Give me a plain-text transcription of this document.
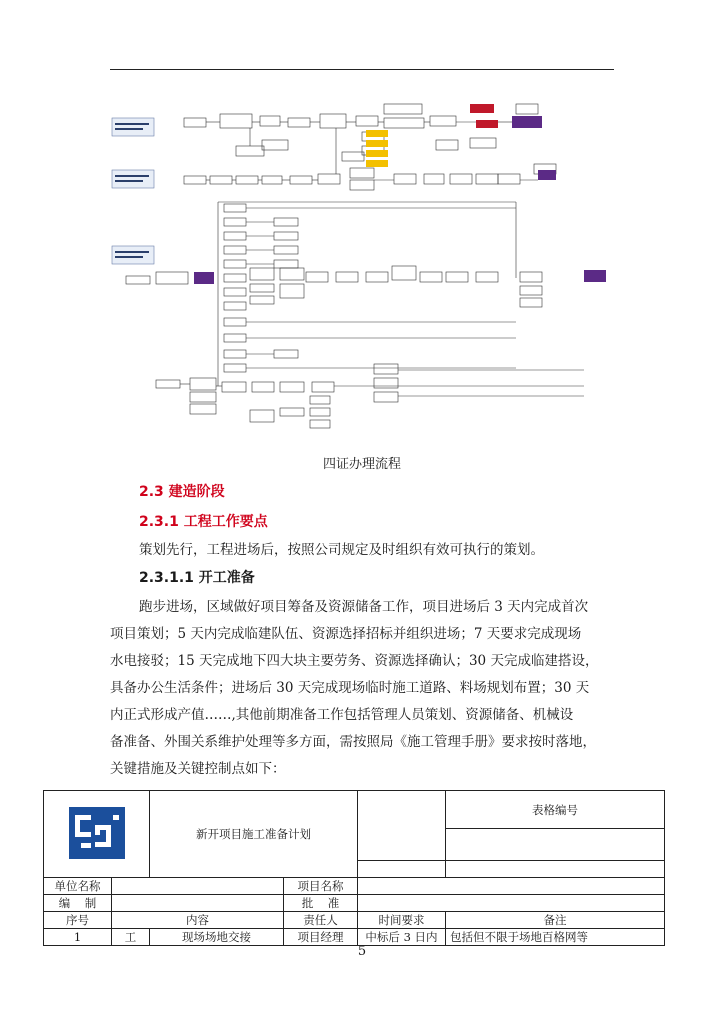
四证办理流程
2.3 建造阶段
2.3.1 工程工作要点
策划先行，工程进场后，按照公司规定及时组织有效可执行的策划。
2.3.1.1 开工准备
跑步进场，区域做好项目筹备及资源储备工作，项目进场后 3 天内完成首次
项目策划；5 天内完成临建队伍、资源选择招标并组织进场；7 天要求完成现场
水电接驳；15 天完成地下四大块主要劳务、资源选择确认；30 天完成临建搭设，
具备办公生活条件；进场后 30 天完成现场临时施工道路、料场规划布置；30 天
内正式形成产值……,其他前期准备工作包括管理人员策划、资源储备、机械设
备准备、外围关系维护处理等多方面，需按照局《施工管理手册》要求按时落地，
关键措施及关键控制点如下：
	新开项目施工准备计划			表格编号

单位名称			项目名称		
编    制			批    准		
序号	内容		责任人	时间要求	备注
1	工	现场场地交接	项目经理	中标后 3 日内	包括但不限于场地百格网等
5
